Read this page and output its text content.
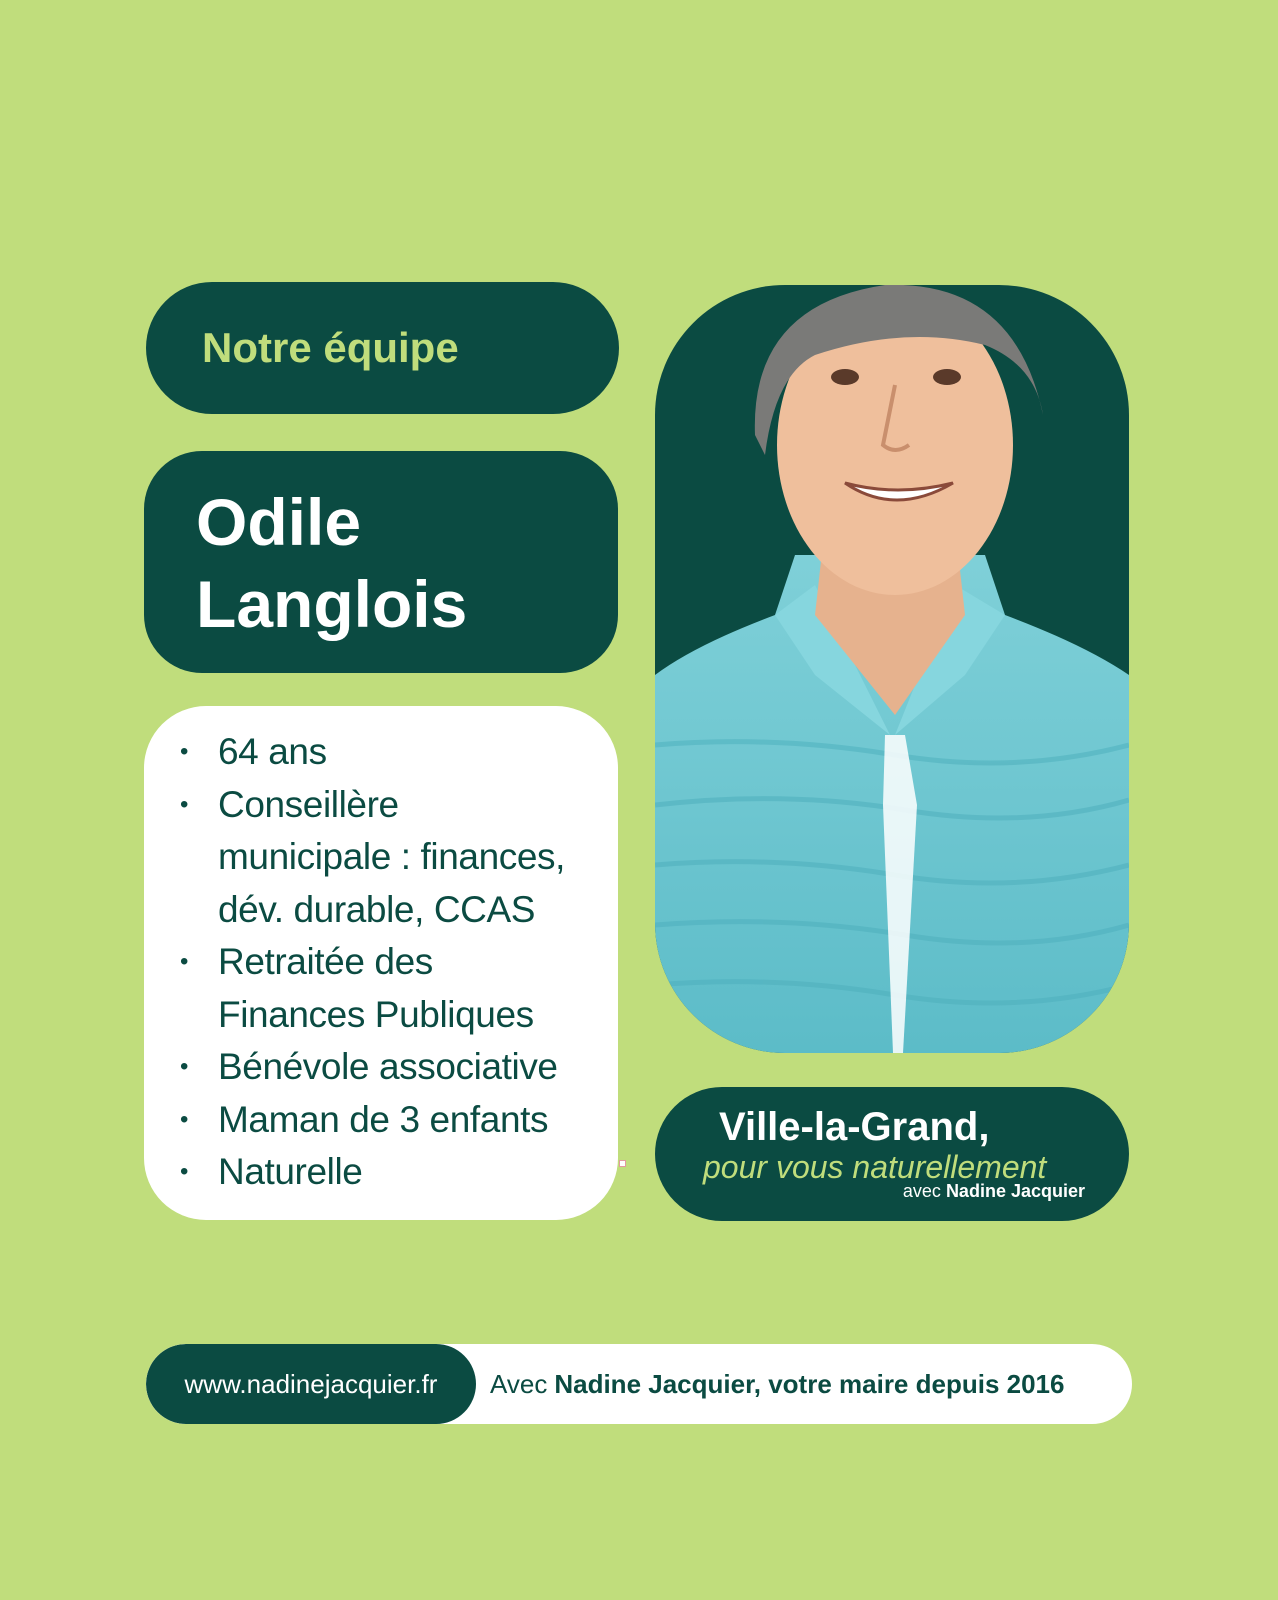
Notre équipe
Odile
Langlois
• 64 ans
• Conseillère
municipale : finances,
dév. durable, CCAS
• Retraitée des
Finances Publiques
• Bénévole associative
• Maman de 3 enfants
• Naturelle
Ville-la-Grand,
pour vous naturellement
avec Nadine Jacquier
www.nadinejacquier.fr	Avec Nadine Jacquier, votre maire depuis 2016
